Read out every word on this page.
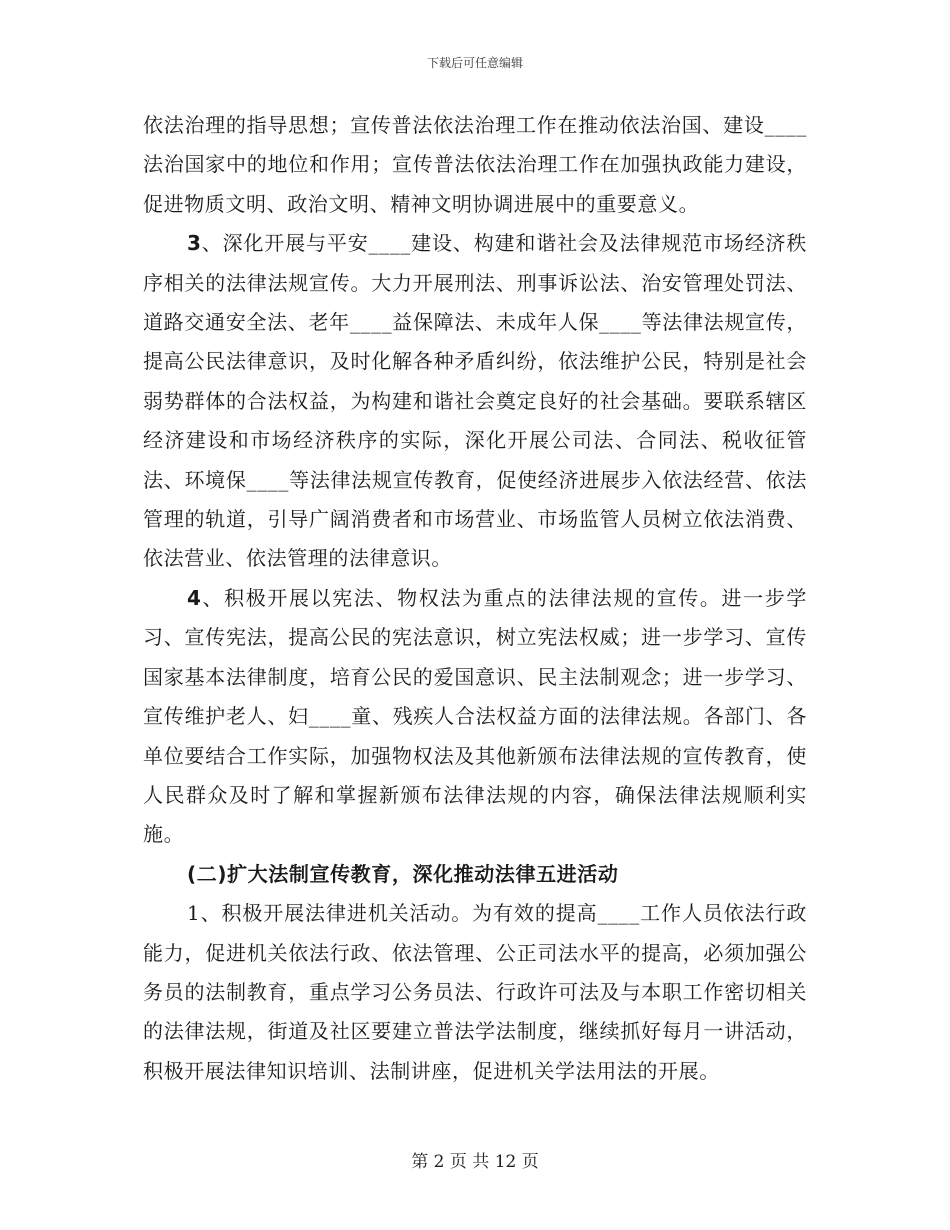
下载后可任意编辑

依法治理的指导思想；宣传普法依法治理工作在推动依法治国、建设____法治国家中的地位和作用；宣传普法依法治理工作在加强执政能力建设，促进物质文明、政治文明、精神文明协调进展中的重要意义。

3、深化开展与平安____建设、构建和谐社会及法律规范市场经济秩序相关的法律法规宣传。大力开展刑法、刑事诉讼法、治安管理处罚法、道路交通安全法、老年____益保障法、未成年人保____等法律法规宣传，提高公民法律意识，及时化解各种矛盾纠纷，依法维护公民，特别是社会弱势群体的合法权益，为构建和谐社会奠定良好的社会基础。要联系辖区经济建设和市场经济秩序的实际，深化开展公司法、合同法、税收征管法、环境保____等法律法规宣传教育，促使经济进展步入依法经营、依法管理的轨道，引导广阔消费者和市场营业、市场监管人员树立依法消费、依法营业、依法管理的法律意识。

4、积极开展以宪法、物权法为重点的法律法规的宣传。进一步学习、宣传宪法，提高公民的宪法意识，树立宪法权威；进一步学习、宣传国家基本法律制度，培育公民的爱国意识、民主法制观念；进一步学习、宣传维护老人、妇____童、残疾人合法权益方面的法律法规。各部门、各单位要结合工作实际，加强物权法及其他新颁布法律法规的宣传教育，使人民群众及时了解和掌握新颁布法律法规的内容，确保法律法规顺利实施。

(二)扩大法制宣传教育，深化推动法律五进活动

1、积极开展法律进机关活动。为有效的提高____工作人员依法行政能力，促进机关依法行政、依法管理、公正司法水平的提高，必须加强公务员的法制教育，重点学习公务员法、行政许可法及与本职工作密切相关的法律法规，街道及社区要建立普法学法制度，继续抓好每月一讲活动，积极开展法律知识培训、法制讲座，促进机关学法用法的开展。

第 2 页 共 12 页
